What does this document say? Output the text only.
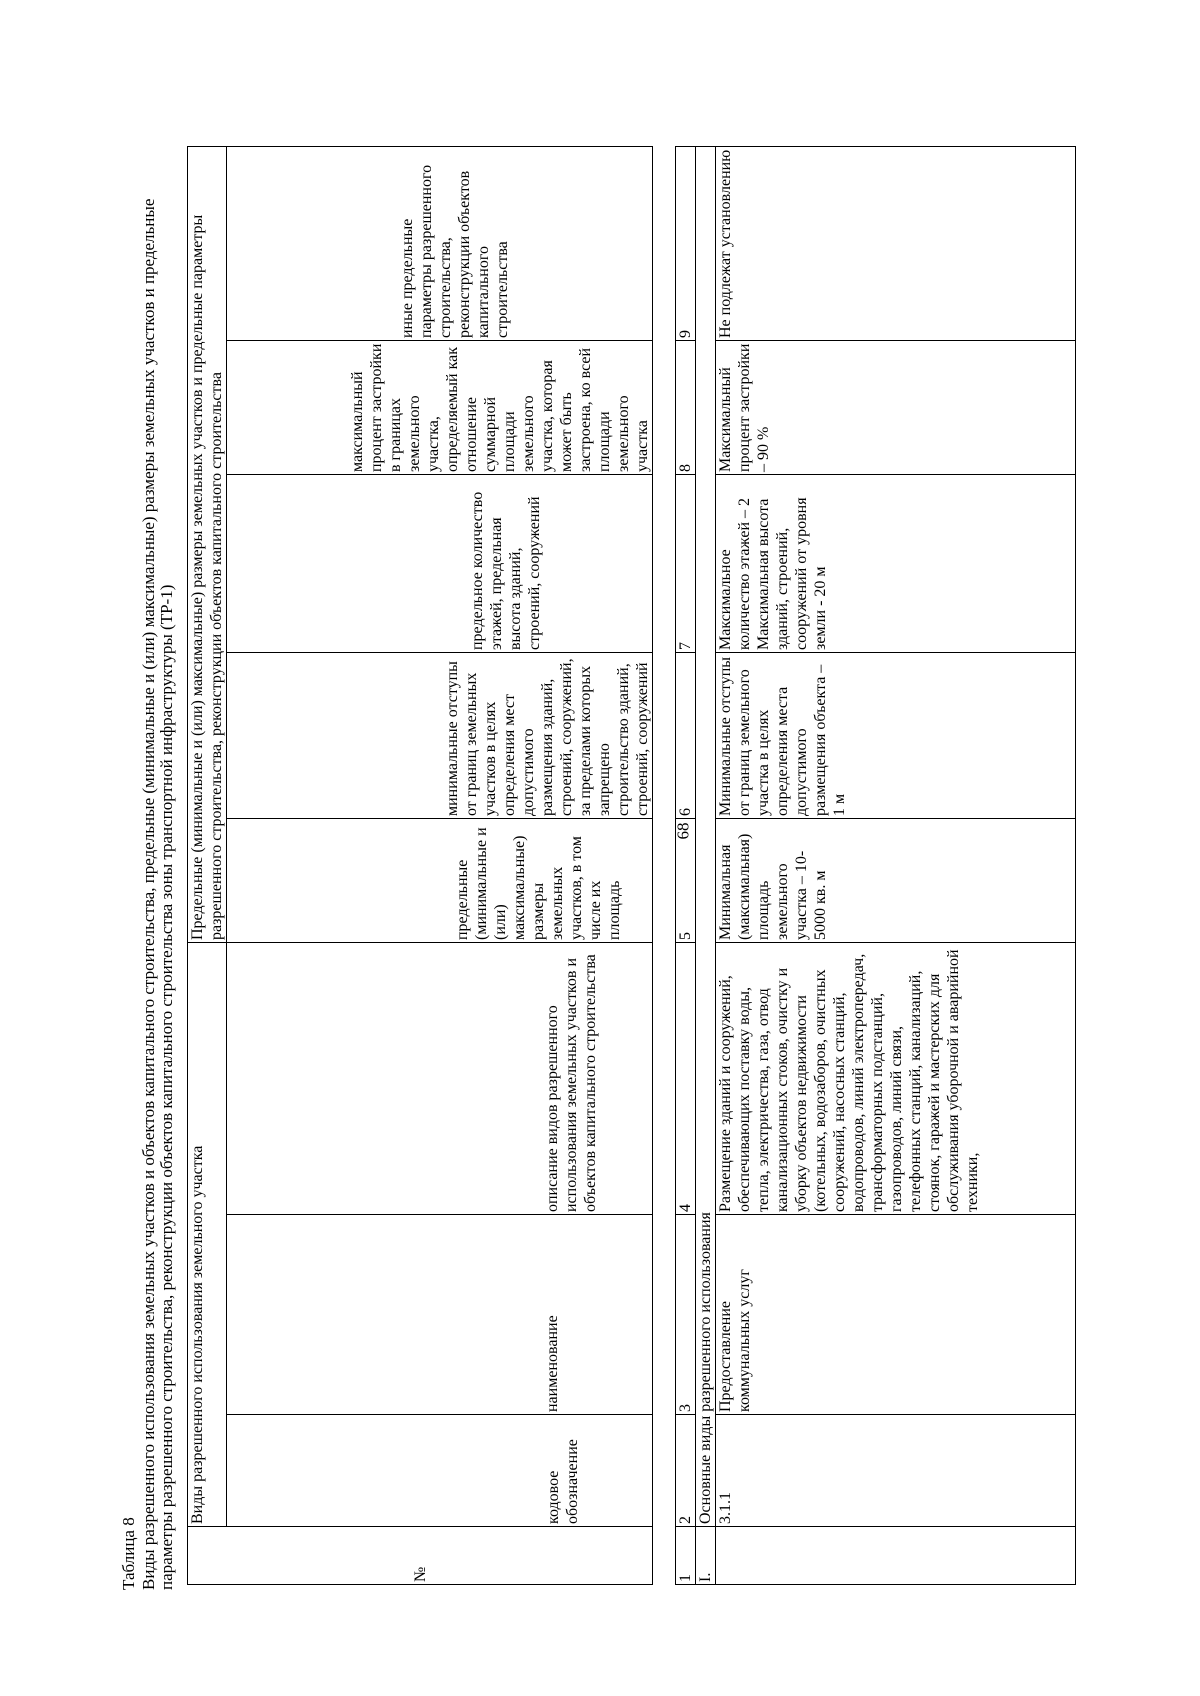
68
Таблица 8 Виды разрешенного использования земельных участков и объектов капитального строительства, предельные (минимальные и (или) максимальные) размеры земельных участков и предельные параметры разрешенного строительства, реконструкции объектов капитального строительства зоны транспортной инфраструктуры (ТР-1)	№	Виды разрешенного использования земельного участка			Предельные (минимальные и (или) максимальные) размеры земельных участков и предельные параметры разрешенного строительства, реконструкции объектов капитального строительства				
	кодовое обозначение	наименование	описание видов разрешенного использования земельных участков и объектов капитального строительства	предельные (минимальные и (или) максимальные) размеры земельных участков, в том числе их площадь	минимальные отступы от границ земельных участков в целях определения мест допустимого размещения зданий, строений, сооружений, за пределами которых запрещено строительство зданий, строений, сооружений	предельное количество этажей, предельная высота зданий, строений, сооружений	максимальный процент застройки в границах земельного участка, определяемый как отношение суммарной площади земельного участка, которая может быть застроена, ко всей площади земельного участка	иные предельные параметры разрешенного строительства, реконструкции объектов капитального строительства
1	2	3	4	5	6	7	8	9
I.	Основные виды разрешенного использования							
	3.1.1	Предоставление коммунальных услуг	Размещение зданий и сооружений, обеспечивающих поставку воды, тепла, электричества, газа, отвод канализационных стоков, очистку и уборку объектов недвижимости (котельных, водозаборов, очистных сооружений, насосных станций, водопроводов, линий электропередач, трансформаторных подстанций, газопроводов, линий связи, телефонных станций, канализаций, стоянок, гаражей и мастерских для обслуживания уборочной и аварийной техники,	Минимальная (максимальная) площадь земельного участка – 10-5000 кв. м	Минимальные отступы от границ земельного участка в целях определения места допустимого размещения объекта – 1 м	Максимальное количество этажей – 2 Максимальная высота зданий, строений, сооружений от уровня земли - 20 м	Максимальный процент застройки – 90 %	Не подлежат установлению
